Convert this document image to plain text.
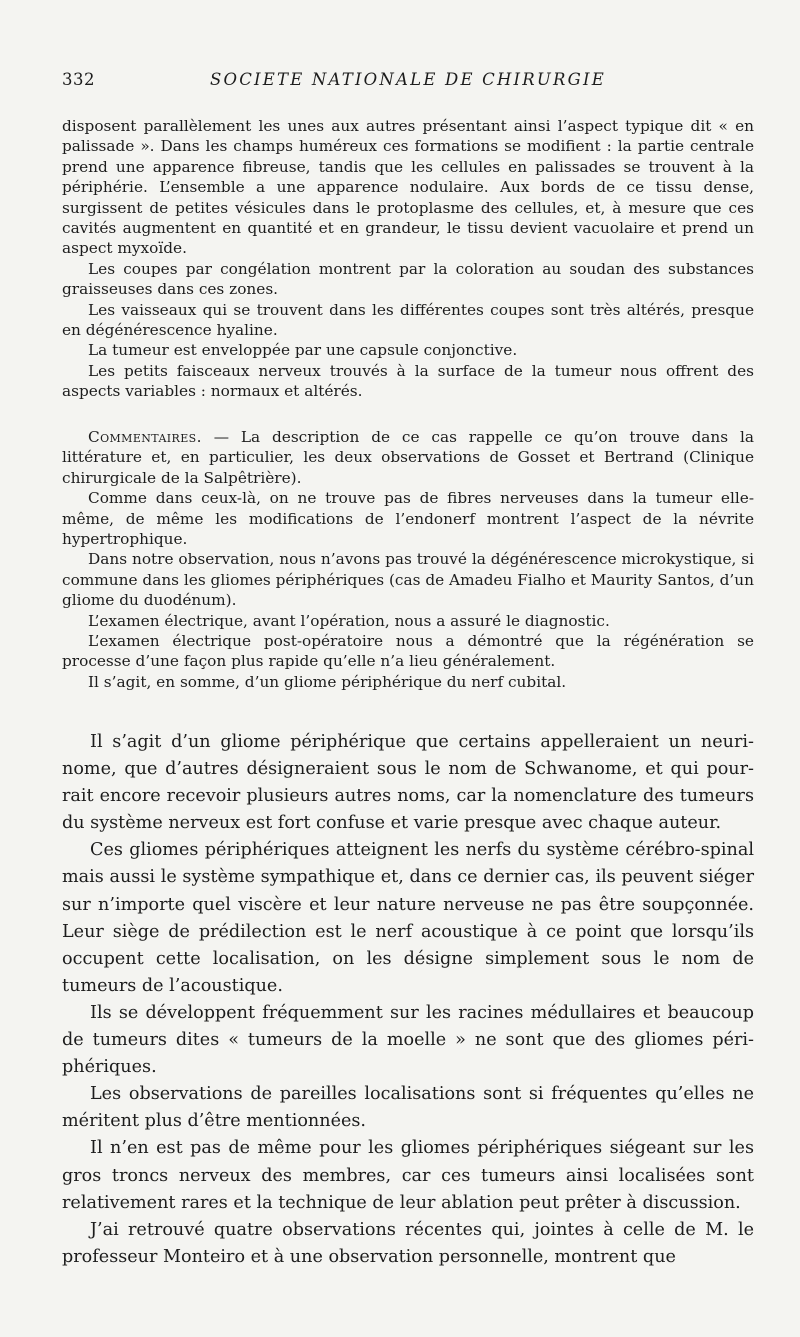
332	SOCIETE NATIONALE DE CHIRURGIE

disposent parallèlement les unes aux autres présentant ainsi l’aspect typique dit « en palissade ». Dans les champs huméreux ces formations se modifient : la partie centrale prend une apparence fibreuse, tandis que les cellules en palissades se trouvent à la périphérie. L’ensemble a une apparence nodulaire. Aux bords de ce tissu dense, surgissent de petites vésicules dans le protoplasme des cellules, et, à mesure que ces cavités augmentent en quantité et en grandeur, le tissu devient vacuolaire et prend un aspect myxoïde.

Les coupes par congélation montrent par la coloration au soudan des substances graisseuses dans ces zones.

Les vaisseaux qui se trouvent dans les différentes coupes sont très altérés, presque en dégénérescence hyaline.

La tumeur est enveloppée par une capsule conjonctive.

Les petits faisceaux nerveux trouvés à la surface de la tumeur nous offrent des aspects variables : normaux et altérés.

Commentaires. — La description de ce cas rappelle ce qu’on trouve dans la littérature et, en particulier, les deux observations de Gosset et Bertrand (Clinique chirurgicale de la Salpêtrière).

Comme dans ceux-là, on ne trouve pas de fibres nerveuses dans la tumeur elle-même, de même les modifications de l’endonerf montrent l’aspect de la névrite hypertrophique.

Dans notre observation, nous n’avons pas trouvé la dégénérescence microkystique, si commune dans les gliomes périphériques (cas de Amadeu Fialho et Maurity Santos, d’un gliome du duodénum).

L’examen électrique, avant l’opération, nous a assuré le diagnostic.

L’examen électrique post-opératoire nous a démontré que la régénération se processe d’une façon plus rapide qu’elle n’a lieu généralement.

Il s’agit, en somme, d’un gliome périphérique du nerf cubital.

Il s’agit d’un gliome périphérique que certains appelleraient un neurinome, que d’autres désigneraient sous le nom de Schwanome, et qui pourrait encore recevoir plusieurs autres noms, car la nomenclature des tumeurs du système nerveux est fort confuse et varie presque avec chaque auteur.

Ces gliomes périphériques atteignent les nerfs du système cérébro-spinal mais aussi le système sympathique et, dans ce dernier cas, ils peuvent siéger sur n’importe quel viscère et leur nature nerveuse ne pas être soupçonnée. Leur siège de prédilection est le nerf acoustique à ce point que lorsqu’ils occupent cette localisation, on les désigne simplement sous le nom de tumeurs de l’acoustique.

Ils se développent fréquemment sur les racines médullaires et beaucoup de tumeurs dites « tumeurs de la moelle » ne sont que des gliomes périphériques.

Les observations de pareilles localisations sont si fréquentes qu’elles ne méritent plus d’être mentionnées.

Il n’en est pas de même pour les gliomes périphériques siégeant sur les gros troncs nerveux des membres, car ces tumeurs ainsi localisées sont relativement rares et la technique de leur ablation peut prêter à discussion.

J’ai retrouvé quatre observations récentes qui, jointes à celle de M. le professeur Monteiro et à une observation personnelle, montrent que
